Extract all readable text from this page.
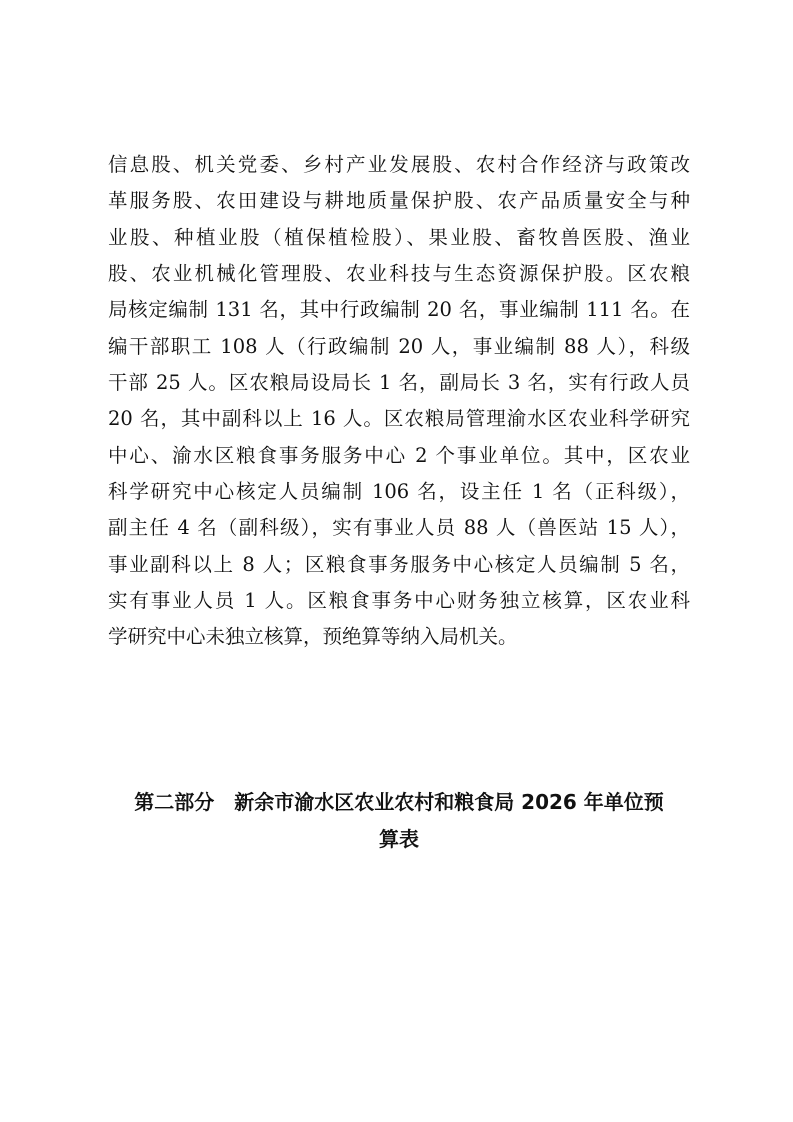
信息股、机关党委、乡村产业发展股、农村合作经济与政策改
革服务股、农田建设与耕地质量保护股、农产品质量安全与种
业股、种植业股（植保植检股）、果业股、畜牧兽医股、渔业
股、农业机械化管理股、农业科技与生态资源保护股。区农粮
局核定编制 131 名，其中行政编制 20 名，事业编制 111 名。在
编干部职工 108 人（行政编制 20 人，事业编制 88 人），科级
干部 25 人。区农粮局设局长 1 名，副局长 3 名，实有行政人员
20 名，其中副科以上 16 人。区农粮局管理渝水区农业科学研究
中心、渝水区粮食事务服务中心 2 个事业单位。其中，区农业
科学研究中心核定人员编制 106 名，设主任 1 名（正科级），
副主任 4 名（副科级），实有事业人员 88 人（兽医站 15 人），
事业副科以上 8 人；区粮食事务服务中心核定人员编制 5 名，
实有事业人员 1 人。区粮食事务中心财务独立核算，区农业科
学研究中心未独立核算，预绝算等纳入局机关。
第二部分　新余市渝水区农业农村和粮食局 2026 年单位预
算表
